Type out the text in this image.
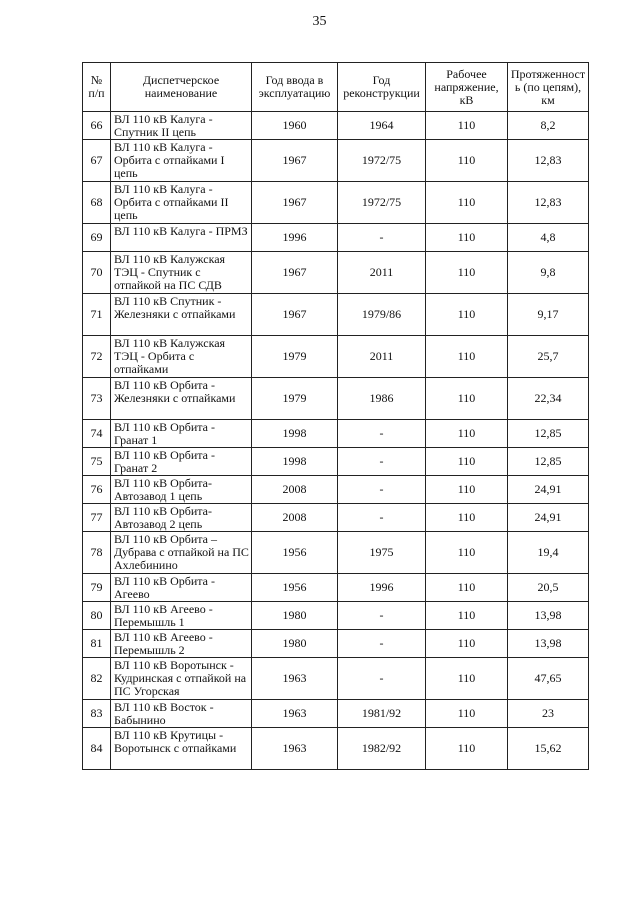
35
№ п/п	Диспетчерское наименование	Год ввода в эксплуатацию	Год реконструкции	Рабочее напряжение, кВ	Протяженност ь (по цепям), км
66	ВЛ 110 кВ Калуга - Спутник II цепь	1960	1964	110	8,2
67	ВЛ 110 кВ Калуга - Орбита с отпайками I цепь	1967	1972/75	110	12,83
68	ВЛ 110 кВ Калуга - Орбита с отпайками II цепь	1967	1972/75	110	12,83
69	ВЛ 110 кВ Калуга - ПРМЗ	1996	-	110	4,8
70	ВЛ 110 кВ Калужская ТЭЦ - Спутник с отпайкой на ПС СДВ	1967	2011	110	9,8
71	ВЛ 110 кВ Спутник - Железняки с отпайками	1967	1979/86	110	9,17
72	ВЛ 110 кВ Калужская ТЭЦ - Орбита с отпайками	1979	2011	110	25,7
73	ВЛ 110 кВ Орбита - Железняки с отпайками	1979	1986	110	22,34
74	ВЛ 110 кВ Орбита - Гранат 1	1998	-	110	12,85
75	ВЛ 110 кВ Орбита - Гранат 2	1998	-	110	12,85
76	ВЛ 110 кВ Орбита- Автозавод 1 цепь	2008	-	110	24,91
77	ВЛ 110 кВ Орбита- Автозавод 2 цепь	2008	-	110	24,91
78	ВЛ 110 кВ Орбита – Дубрава с отпайкой на ПС Ахлебинино	1956	1975	110	19,4
79	ВЛ 110 кВ Орбита - Агеево	1956	1996	110	20,5
80	ВЛ 110 кВ Агеево - Перемышль 1	1980	-	110	13,98
81	ВЛ 110 кВ Агеево - Перемышль 2	1980	-	110	13,98
82	ВЛ 110 кВ Воротынск - Кудринская с отпайкой на ПС Угорская	1963	-	110	47,65
83	ВЛ 110 кВ Восток - Бабынино	1963	1981/92	110	23
84	ВЛ 110 кВ Крутицы - Воротынск с отпайками	1963	1982/92	110	15,62
